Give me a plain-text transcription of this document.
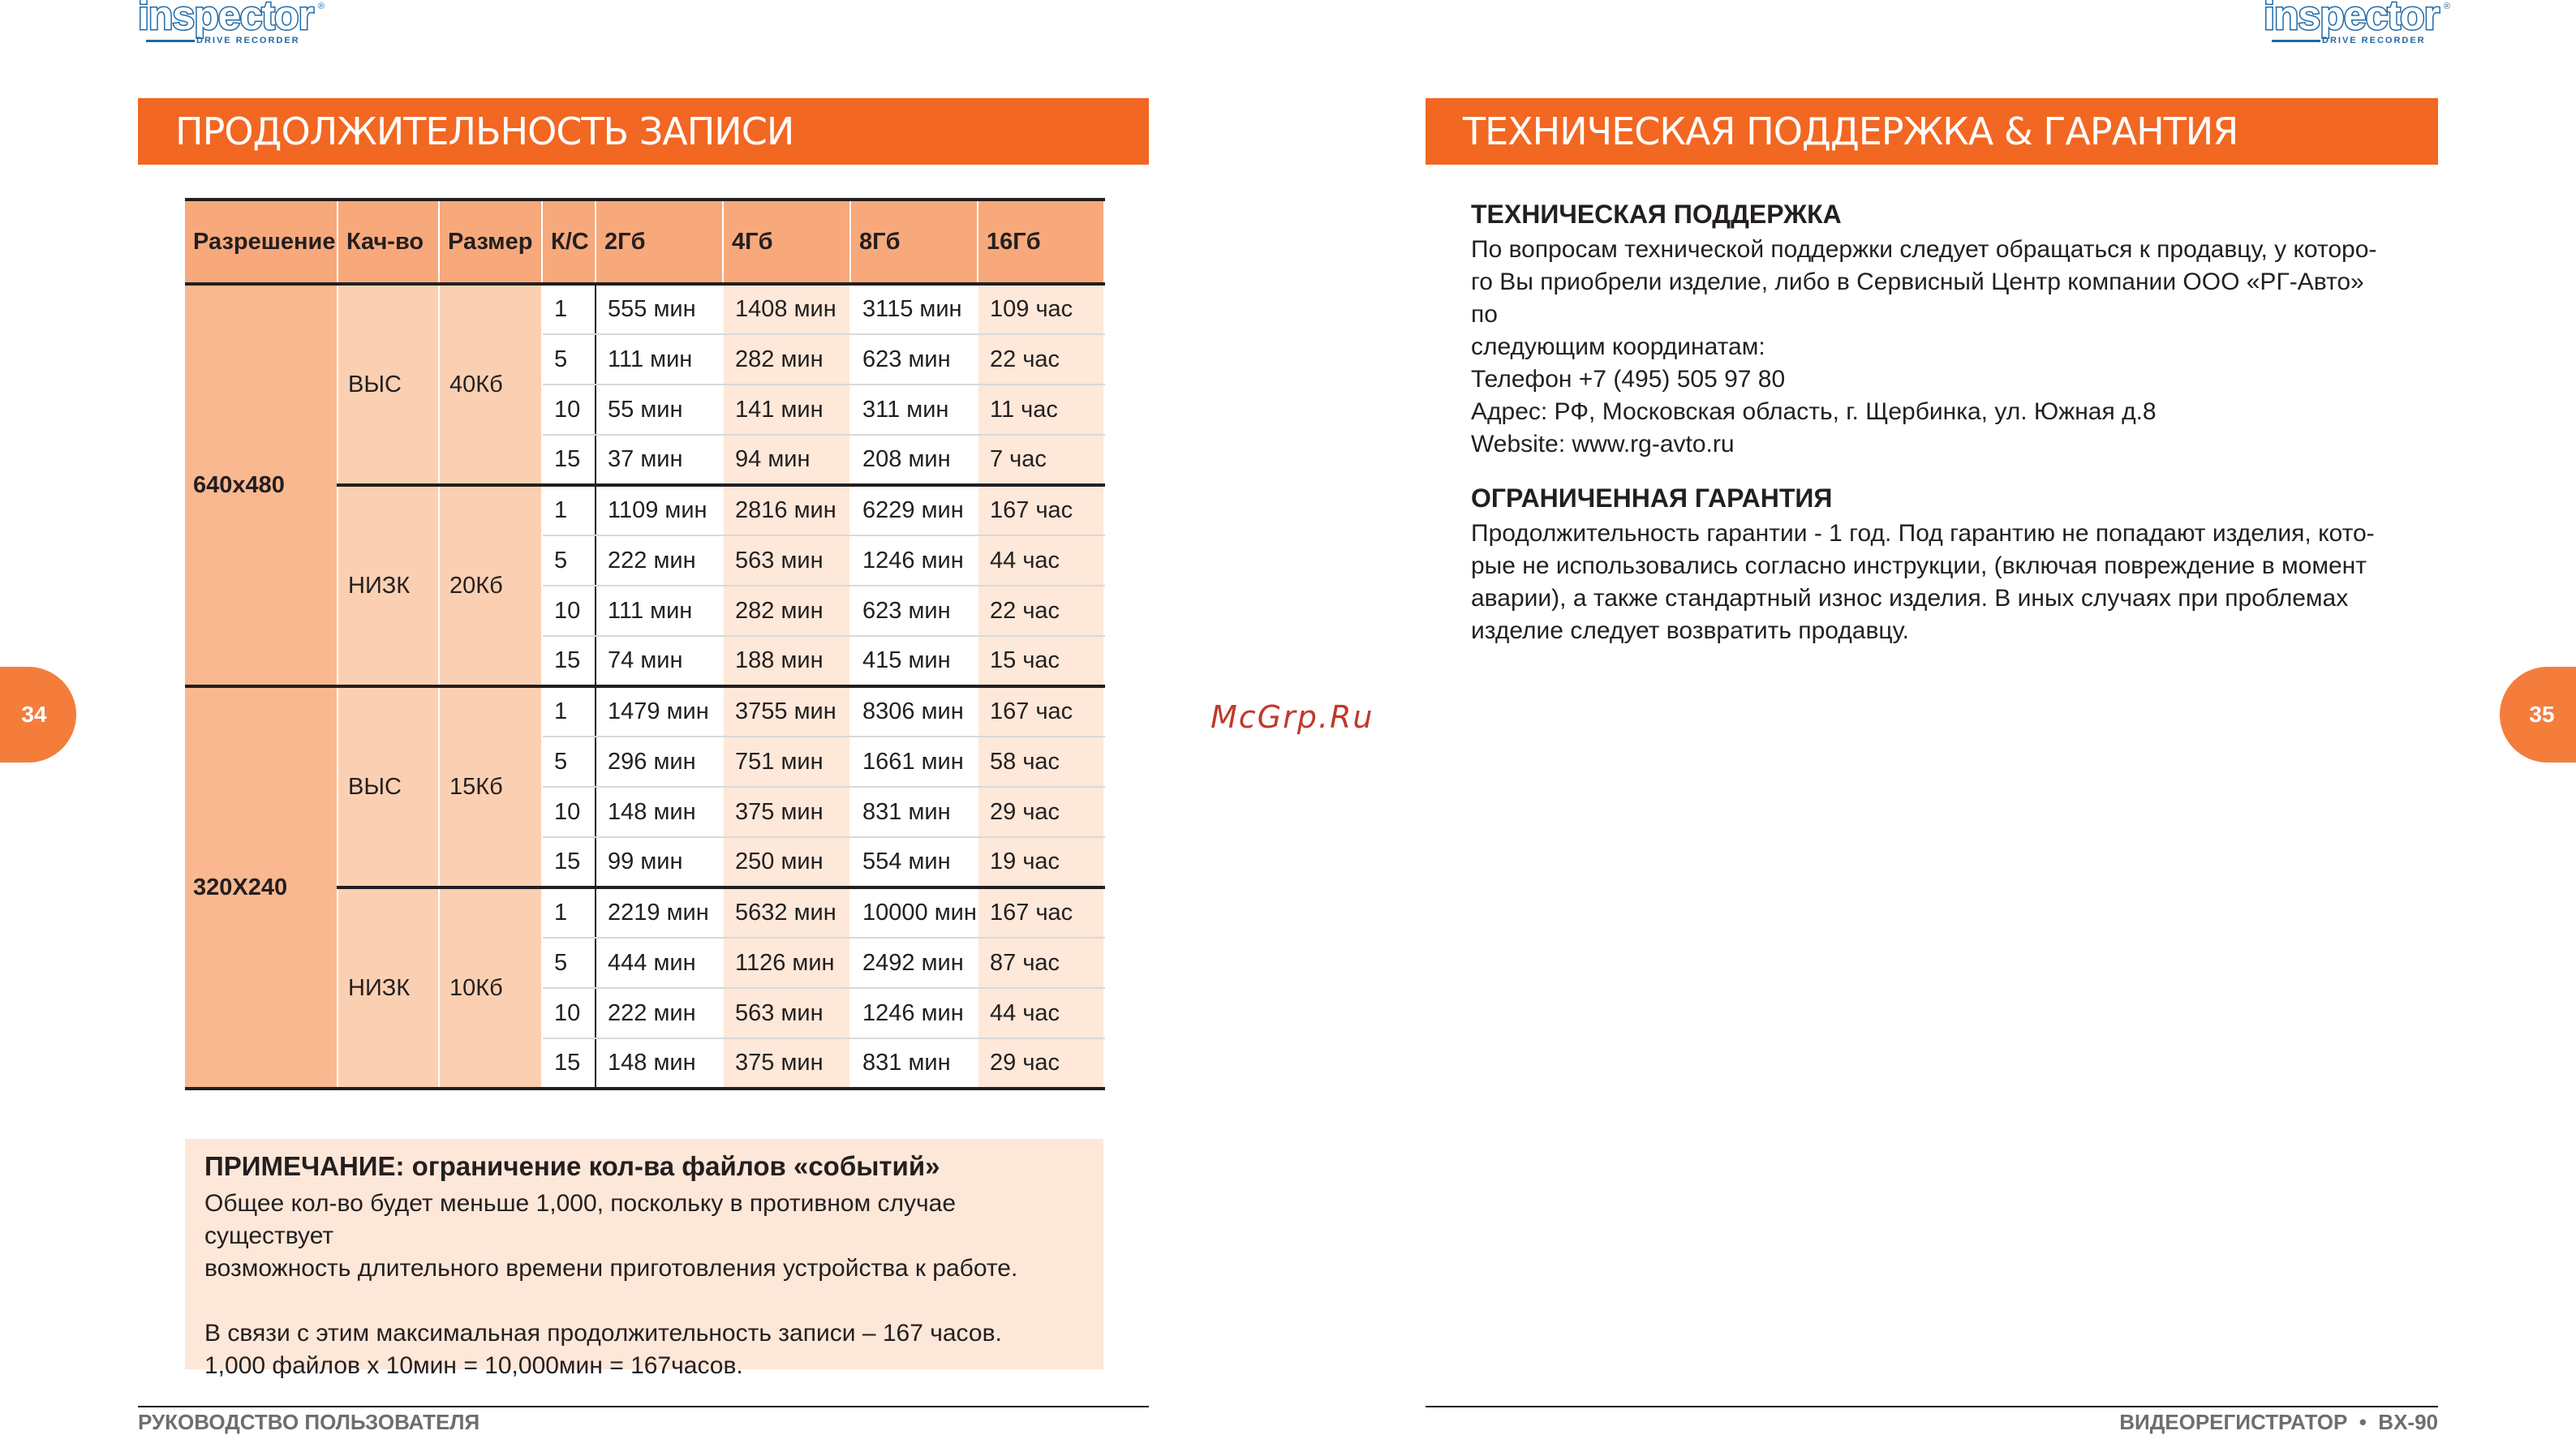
inspector ®
DRIVE RECORDER
inspector ®
DRIVE RECORDER
ПРОДОЛЖИТЕЛЬНОСТЬ ЗАПИСИ	ТЕХНИЧЕСКАЯ ПОДДЕРЖКА & ГАРАНТИЯ
Разрешение	Кач-во	Размер	К/С	2Гб	4Гб	8Гб	16Гб
640x480	ВЫС	40Кб	1	555 мин	1408 мин	3115 мин	109 час
			5	111 мин	282 мин	623 мин	22 час
			10	55 мин	141 мин	311 мин	11 час
			15	37 мин	94 мин	208 мин	7 час
	НИЗК	20Кб	1	1109 мин	2816 мин	6229 мин	167 час
			5	222 мин	563 мин	1246 мин	44 час
			10	111 мин	282 мин	623 мин	22 час
			15	74 мин	188 мин	415 мин	15 час
320X240	ВЫС	15Кб	1	1479 мин	3755 мин	8306 мин	167 час
			5	296 мин	751 мин	1661 мин	58 час
			10	148 мин	375 мин	831 мин	29 час
			15	99 мин	250 мин	554 мин	19 час
	НИЗК	10Кб	1	2219 мин	5632 мин	10000 мин	167 час
			5	444 мин	1126 мин	2492 мин	87 час
			10	222 мин	563 мин	1246 мин	44 час
			15	148 мин	375 мин	831 мин	29 час
ПРИМЕЧАНИЕ: ограничение кол-ва файлов «событий»
Общее кол-во будет меньше 1,000, поскольку в противном случае существует
возможность длительного времени приготовления устройства к работе.
В связи с этим максимальная продолжительность записи – 167 часов.
1,000 файлов x 10мин = 10,000мин = 167часов.
34	35
McGrp.Ru
ТЕХНИЧЕСКАЯ ПОДДЕРЖКА

По вопросам технической поддержки следует обращаться к продавцу, у которо-

го Вы приобрели изделие, либо в Сервисный Центр компании ООО «РГ-Авто» по

следующим координатам:

Телефон +7 (495) 505 97 80

Адрес: РФ, Московская область, г. Щербинка, ул. Южная д.8

Website: www.rg-avto.ru

ОГРАНИЧЕННАЯ ГАРАНТИЯ

Продолжительность гарантии - 1 год. Под гарантию не попадают изделия, кото-

рые не использовались согласно инструкции, (включая повреждение в момент

аварии), а также стандартный износ изделия. В иных случаях при проблемах

изделие следует возвратить продавцу.

РУКОВОДСТВО ПОЛЬЗОВАТЕЛЯ	ВИДЕОРЕГИСТРАТОР  •  BX-90
